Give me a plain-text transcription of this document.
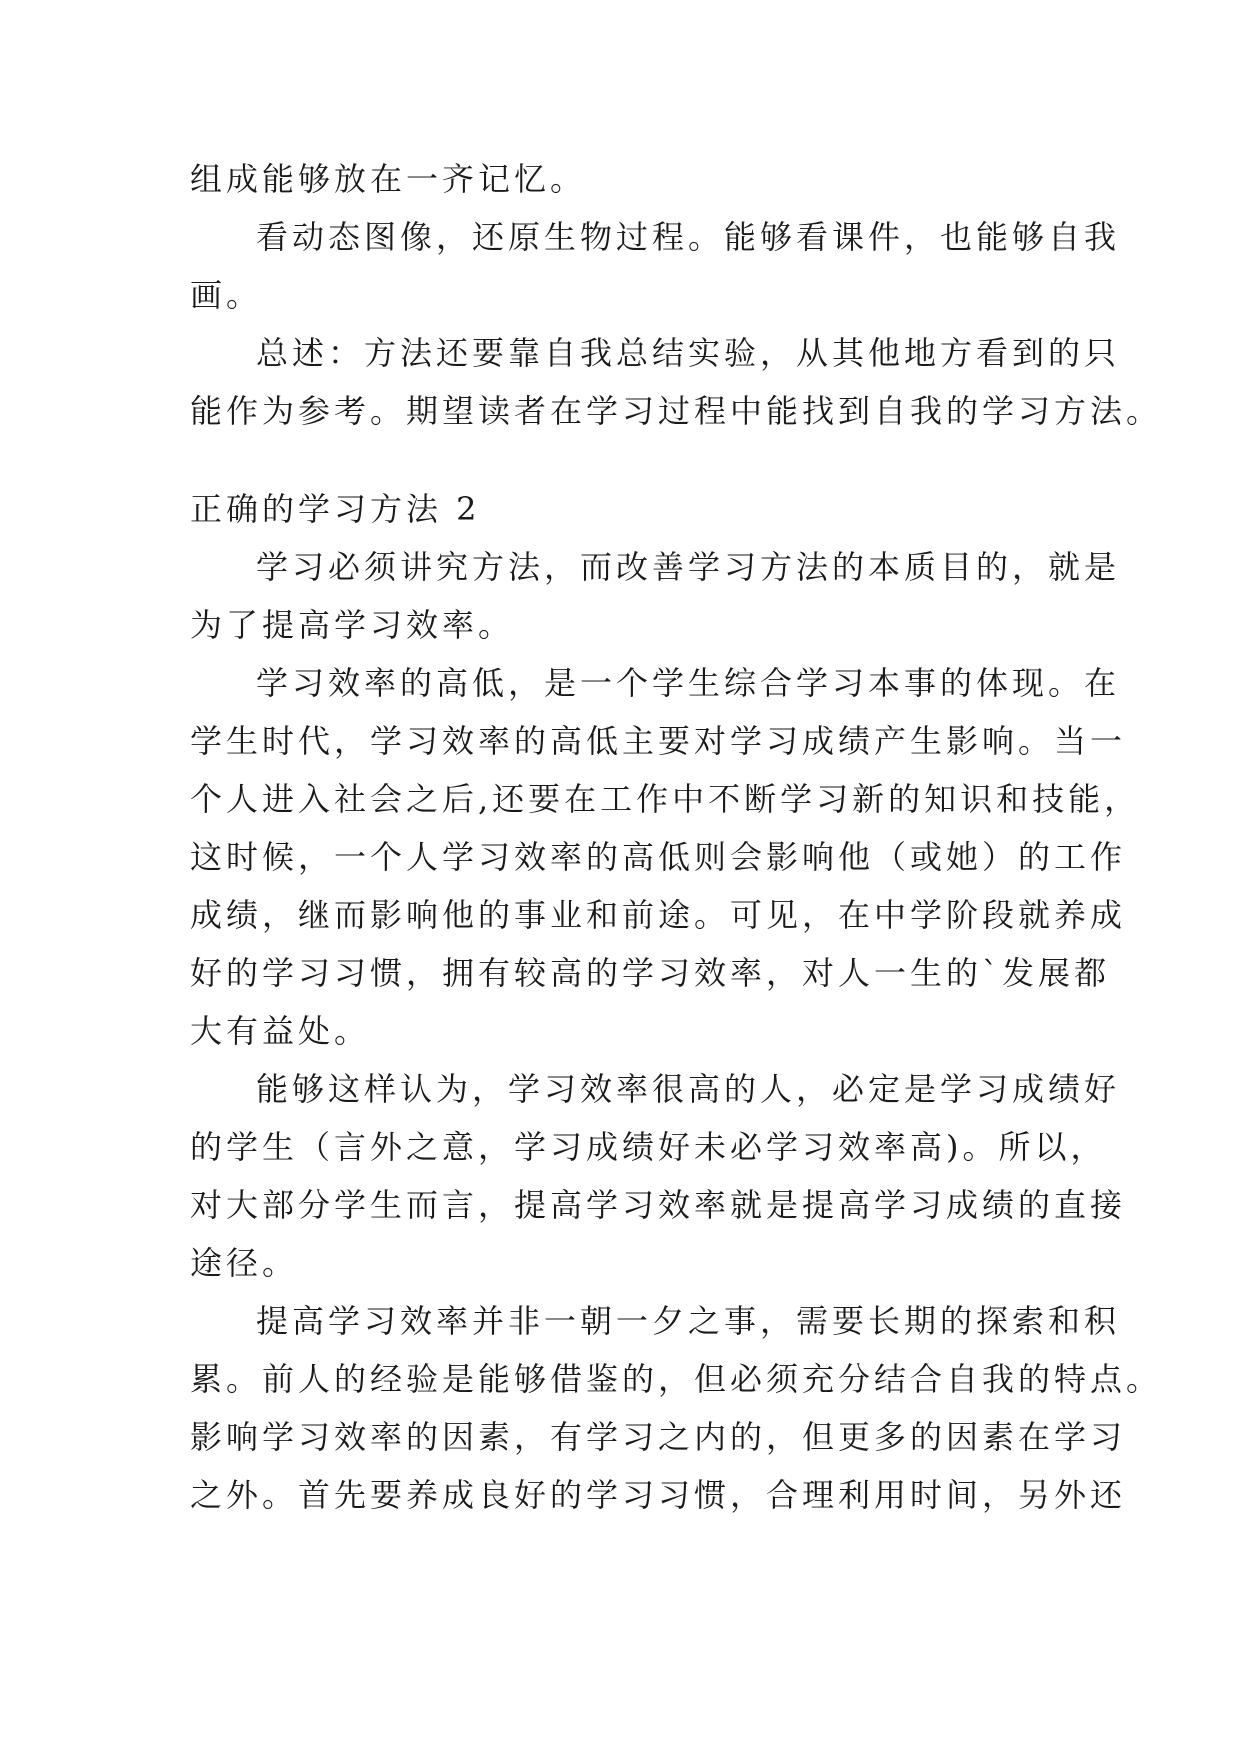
组成能够放在一齐记忆。
看动态图像，还原生物过程。能够看课件，也能够自我
画。
总述：方法还要靠自我总结实验，从其他地方看到的只
能作为参考。期望读者在学习过程中能找到自我的学习方法。
正确的学习方法 2
学习必须讲究方法，而改善学习方法的本质目的，就是
为了提高学习效率。
学习效率的高低，是一个学生综合学习本事的体现。在
学生时代，学习效率的高低主要对学习成绩产生影响。当一
个人进入社会之后,还要在工作中不断学习新的知识和技能，
这时候，一个人学习效率的高低则会影响他（或她）的工作
成绩，继而影响他的事业和前途。可见，在中学阶段就养成
好的学习习惯，拥有较高的学习效率，对人一生的`发展都
大有益处。
能够这样认为，学习效率很高的人，必定是学习成绩好
的学生（言外之意，学习成绩好未必学习效率高)。所以，
对大部分学生而言，提高学习效率就是提高学习成绩的直接
途径。
提高学习效率并非一朝一夕之事，需要长期的探索和积
累。前人的经验是能够借鉴的，但必须充分结合自我的特点。
影响学习效率的因素，有学习之内的，但更多的因素在学习
之外。首先要养成良好的学习习惯，合理利用时间，另外还
